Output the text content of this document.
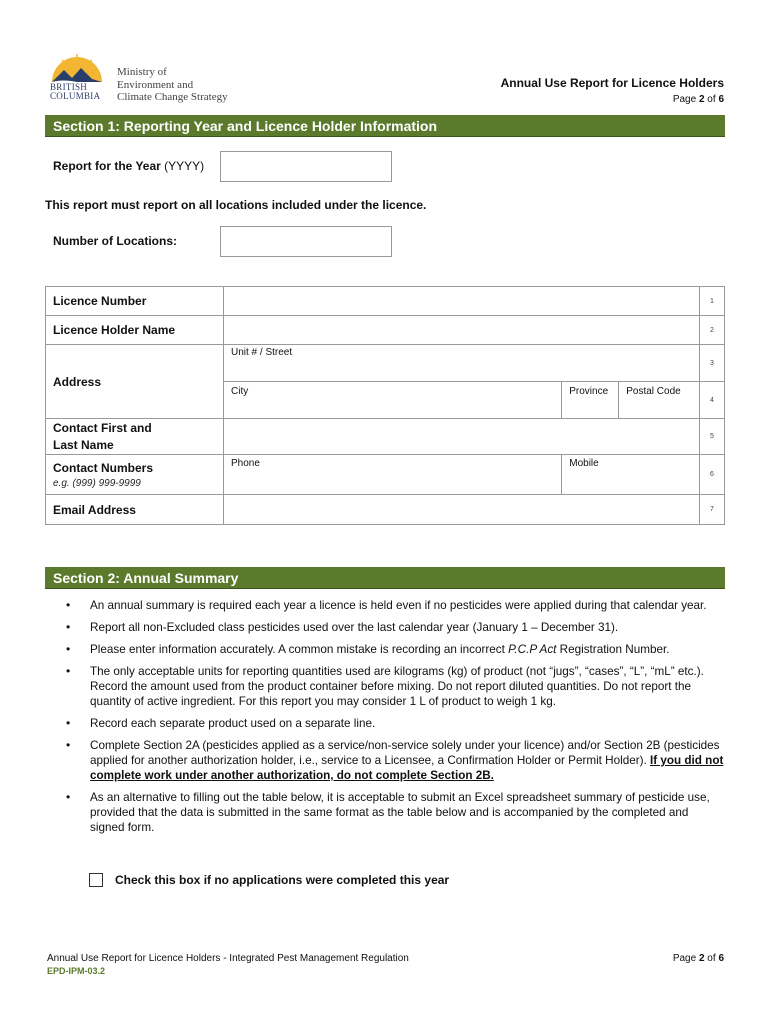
BRITISH
COLUMBIA
Ministry of
Environment and
Climate Change Strategy
Annual Use Report for Licence Holders
Page 2 of 6
Section 1: Reporting Year and Licence Holder Information
Report for the Year (YYYY)
This report must report on all locations included under the licence.
Number of Locations:
Licence Number				1
Licence Holder Name				2
Address	Unit # / Street			3

	City	Province	Postal Code	4

Contact First and
Last Name				5

Contact Numbers
e.g. (999) 999-9999	Phone	Mobile		6
Email Address				7
Section 2: Annual Summary
• An annual summary is required each year a licence is held even if no pesticides were applied during that calendar year.
• Report all non-Excluded class pesticides used over the last calendar year (January 1 – December 31).
• Please enter information accurately. A common mistake is recording an incorrect P.C.P Act Registration Number.
• The only acceptable units for reporting quantities used are kilograms (kg) of product (not “jugs”, “cases”, “L”, “mL” etc.). Record the amount used from the product container before mixing. Do not report diluted quantities. Do not report the quantity of active ingredient. For this report you may consider 1 L of product to weigh 1 kg.
• Record each separate product used on a separate line.
• Complete Section 2A (pesticides applied as a service/non-service solely under your licence) and/or Section 2B (pesticides applied for another authorization holder, i.e., service to a Licensee, a Confirmation Holder or Permit Holder). If you did not complete work under another authorization, do not complete Section 2B.
• As an alternative to filling out the table below, it is acceptable to submit an Excel spreadsheet summary of pesticide use, provided that the data is submitted in the same format as the table below and is accompanied by the completed and signed form.
Check this box if no applications were completed this year
Annual Use Report for Licence Holders - Integrated Pest Management Regulation
EPD-IPM-03.2
Page 2 of 6
